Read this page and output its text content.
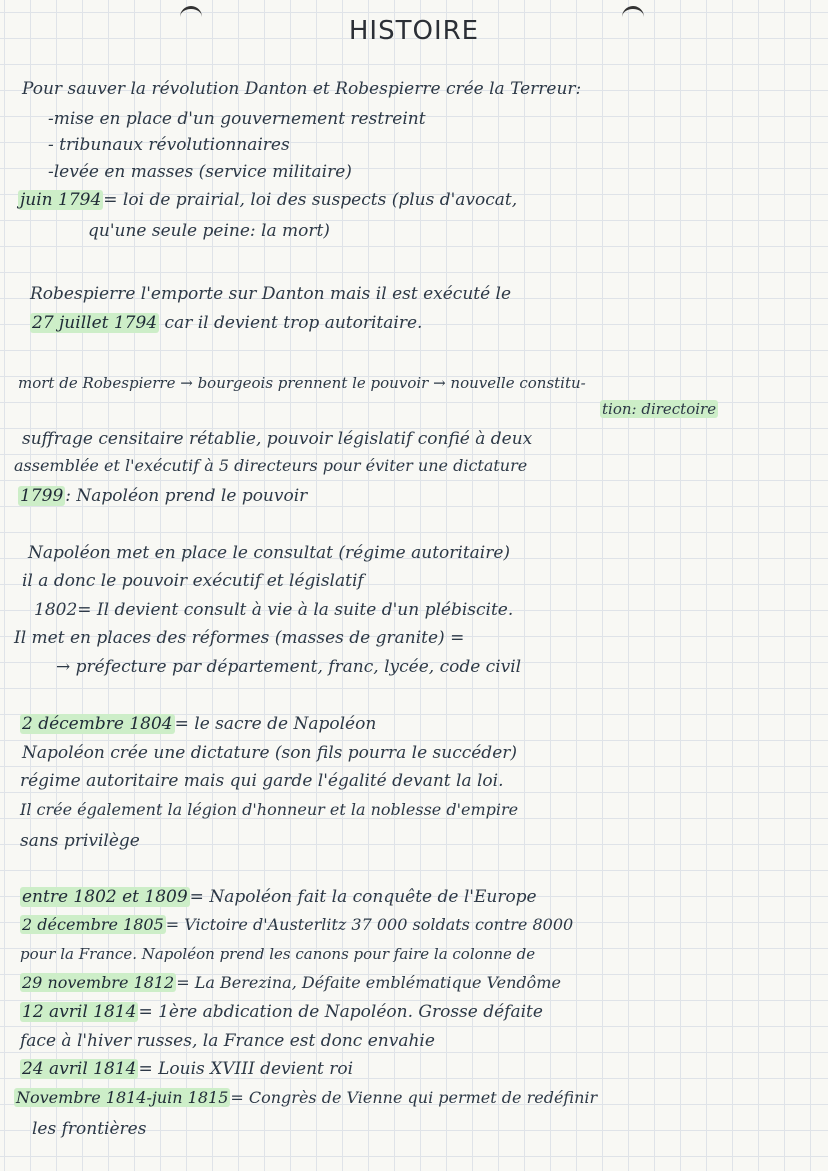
HISTOIRE
Pour sauver la révolution Danton et Robespierre crée la Terreur:
-mise en place d'un gouvernement restreint
- tribunaux révolutionnaires
-levée en masses (service militaire)
juin 1794 = loi de prairial, loi des suspects (plus d'avocat,
qu'une seule peine: la mort)
Robespierre l'emporte sur Danton mais il est exécuté le
27 juillet 1794 car il devient trop autoritaire.
mort de Robespierre → bourgeois prennent le pouvoir → nouvelle constitu-
tion: directoire
suffrage censitaire rétablie, pouvoir législatif confié à deux
assemblée et l'exécutif à 5 directeurs pour éviter une dictature
1799 : Napoléon prend le pouvoir
Napoléon met en place le consultat (régime autoritaire)
il a donc le pouvoir exécutif et législatif
1802= Il devient consult à vie à la suite d'un plébiscite.
Il met en places des réformes (masses de granite) =
→ préfecture par département, franc, lycée, code civil
2 décembre 1804 = le sacre de Napoléon
Napoléon crée une dictature (son fils pourra le succéder)
régime autoritaire mais qui garde l'égalité devant la loi.
Il crée également la légion d'honneur et la noblesse d'empire
sans privilège
entre 1802 et 1809 = Napoléon fait la conquête de l'Europe
2 décembre 1805 = Victoire d'Austerlitz 37 000 soldats contre 8000
pour la France. Napoléon prend les canons pour faire la colonne de
29 novembre 1812 = La Berezina, Défaite emblématique Vendôme
12 avril 1814 = 1ère abdication de Napoléon. Grosse défaite
face à l'hiver russes, la France est donc envahie
24 avril 1814 = Louis XVIII devient roi
Novembre 1814-juin 1815 = Congrès de Vienne qui permet de redéfinir
les frontières
